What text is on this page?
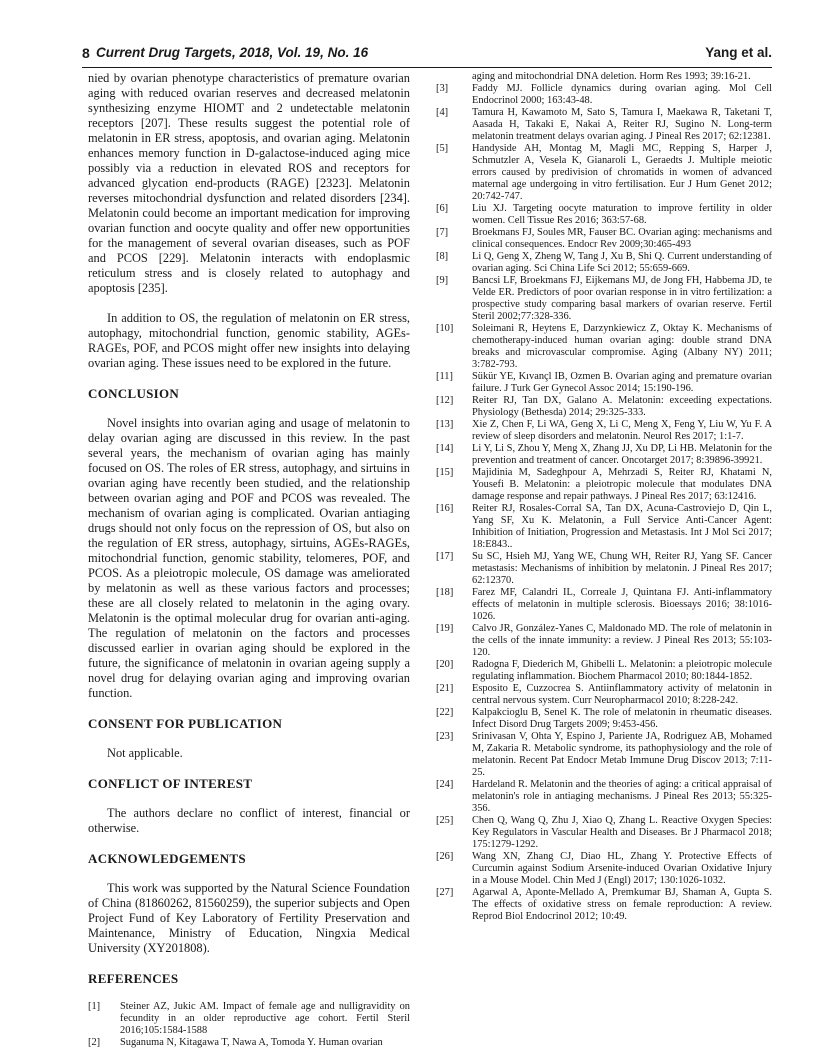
8 Current Drug Targets, 2018, Vol. 19, No. 16	Yang et al.

nied by ovarian phenotype characteristics of premature ovarian aging with reduced ovarian reserves and decreased melatonin synthesizing enzyme HIOMT and 2 undetectable melatonin receptors [207]. These results suggest the potential role of melatonin in ER stress, apoptosis, and ovarian aging. Melatonin enhances memory function in D-galactose-induced aging mice possibly via a reduction in elevated ROS and receptors for advanced glycation end-products (RAGE) [2323]. Melatonin reverses mitochondrial dysfunction and related disorders [234]. Melatonin could become an important medication for improving ovarian function and oocyte quality and offer new opportunities for the management of several ovarian diseases, such as POF and PCOS [229]. Melatonin interacts with endoplasmic reticulum stress and is closely related to autophagy and apoptosis [235].

In addition to OS, the regulation of melatonin on ER stress, autophagy, mitochondrial function, genomic stability, AGEs-RAGEs, POF, and PCOS might offer new insights into delaying ovarian aging. These issues need to be explored in the future.

CONCLUSION

Novel insights into ovarian aging and usage of melatonin to delay ovarian aging are discussed in this review. In the past several years, the mechanism of ovarian aging has mainly focused on OS. The roles of ER stress, autophagy, and sirtuins in ovarian aging have recently been studied, and the relationship between ovarian aging and POF and PCOS was revealed. The mechanism of ovarian aging is complicated. Ovarian antiaging drugs should not only focus on the repression of OS, but also on the regulation of ER stress, autophagy, sirtuins, AGEs-RAGEs, mitochondrial function, genomic stability, telomeres, POF, and PCOS. As a pleiotropic molecule, OS damage was ameliorated by melatonin as well as these various factors and processes; these are all closely related to melatonin in the aging ovary. Melatonin is the optimal molecular drug for ovarian anti-aging. The regulation of melatonin on the factors and processes discussed earlier in ovarian aging should be explored in the future, the significance of melatonin in ovarian ageing supply a novel drug for delaying ovarian aging and improving ovarian function.

CONSENT FOR PUBLICATION

Not applicable.

CONFLICT OF INTEREST

The authors declare no conflict of interest, financial or otherwise.

ACKNOWLEDGEMENTS

This work was supported by the Natural Science Foundation of China (81860262, 81560259), the superior subjects and Open Project Fund of Key Laboratory of Fertility Preservation and Maintenance, Ministry of Education, Ningxia Medical University (XY201808).

REFERENCES

[1]	Steiner AZ, Jukic AM. Impact of female age and nulligravidity on fecundity in an older reproductive age cohort. Fertil Steril 2016;105:1584-1588
[2]	Suganuma N, Kitagawa T, Nawa A, Tomoda Y. Human ovarian
aging and mitochondrial DNA deletion. Horm Res 1993; 39:16-21.
[3]	Faddy MJ. Follicle dynamics during ovarian aging. Mol Cell Endocrinol 2000; 163:43-48.
[4]	Tamura H, Kawamoto M, Sato S, Tamura I, Maekawa R, Taketani T, Aasada H, Takaki E, Nakai A, Reiter RJ, Sugino N. Long-term melatonin treatment delays ovarian aging. J Pineal Res 2017; 62:12381.
[5]	Handyside AH, Montag M, Magli MC, Repping S, Harper J, Schmutzler A, Vesela K, Gianaroli L, Geraedts J. Multiple meiotic errors caused by predivision of chromatids in women of advanced maternal age undergoing in vitro fertilisation. Eur J Hum Genet 2012; 20:742-747.
[6]	Liu XJ. Targeting oocyte maturation to improve fertility in older women. Cell Tissue Res 2016; 363:57-68.
[7]	Broekmans FJ, Soules MR, Fauser BC. Ovarian aging: mechanisms and clinical consequences. Endocr Rev 2009;30:465-493
[8]	Li Q, Geng X, Zheng W, Tang J, Xu B, Shi Q. Current understanding of ovarian aging. Sci China Life Sci 2012; 55:659-669.
[9]	Bancsi LF, Broekmans FJ, Eijkemans MJ, de Jong FH, Habbema JD, te Velde ER. Predictors of poor ovarian response in in vitro fertilization: a prospective study comparing basal markers of ovarian reserve. Fertil Steril 2002;77:328-336.
[10]	Soleimani R, Heytens E, Darzynkiewicz Z, Oktay K. Mechanisms of chemotherapy-induced human ovarian aging: double strand DNA breaks and microvascular compromise. Aging (Albany NY) 2011; 3:782-793.
[11]	Sükür YE, Kıvançl IB, Ozmen B. Ovarian aging and premature ovarian failure. J Turk Ger Gynecol Assoc 2014; 15:190-196.
[12]	Reiter RJ, Tan DX, Galano A. Melatonin: exceeding expectations. Physiology (Bethesda) 2014; 29:325-333.
[13]	Xie Z, Chen F, Li WA, Geng X, Li C, Meng X, Feng Y, Liu W, Yu F. A review of sleep disorders and melatonin. Neurol Res 2017; 1:1-7.
[14]	Li Y, Li S, Zhou Y, Meng X, Zhang JJ, Xu DP, Li HB. Melatonin for the prevention and treatment of cancer. Oncotarget 2017; 8:39896-39921.
[15]	Majidinia M, Sadeghpour A, Mehrzadi S, Reiter RJ, Khatami N, Yousefi B. Melatonin: a pleiotropic molecule that modulates DNA damage response and repair pathways. J Pineal Res 2017; 63:12416.
[16]	Reiter RJ, Rosales-Corral SA, Tan DX, Acuna-Castroviejo D, Qin L, Yang SF, Xu K. Melatonin, a Full Service Anti-Cancer Agent: Inhibition of Initiation, Progression and Metastasis. Int J Mol Sci 2017; 18:E843..
[17]	Su SC, Hsieh MJ, Yang WE, Chung WH, Reiter RJ, Yang SF. Cancer metastasis: Mechanisms of inhibition by melatonin. J Pineal Res 2017; 62:12370.
[18]	Farez MF, Calandri IL, Correale J, Quintana FJ. Anti-inflammatory effects of melatonin in multiple sclerosis. Bioessays 2016; 38:1016-1026.
[19]	Calvo JR, González-Yanes C, Maldonado MD. The role of melatonin in the cells of the innate immunity: a review. J Pineal Res 2013; 55:103-120.
[20]	Radogna F, Diederich M, Ghibelli L. Melatonin: a pleiotropic molecule regulating inflammation. Biochem Pharmacol 2010; 80:1844-1852.
[21]	Esposito E, Cuzzocrea S. Antiinflammatory activity of melatonin in central nervous system. Curr Neuropharmacol 2010; 8:228-242.
[22]	Kalpakcioglu B, Senel K. The role of melatonin in rheumatic diseases. Infect Disord Drug Targets 2009; 9:453-456.
[23]	Srinivasan V, Ohta Y, Espino J, Pariente JA, Rodriguez AB, Mohamed M, Zakaria R. Metabolic syndrome, its pathophysiology and the role of melatonin. Recent Pat Endocr Metab Immune Drug Discov 2013; 7:11-25.
[24]	Hardeland R. Melatonin and the theories of aging: a critical appraisal of melatonin's role in antiaging mechanisms. J Pineal Res 2013; 55:325-356.
[25]	Chen Q, Wang Q, Zhu J, Xiao Q, Zhang L. Reactive Oxygen Species: Key Regulators in Vascular Health and Diseases. Br J Pharmacol 2018; 175:1279-1292.
[26]	Wang XN, Zhang CJ, Diao HL, Zhang Y. Protective Effects of Curcumin against Sodium Arsenite-induced Ovarian Oxidative Injury in a Mouse Model. Chin Med J (Engl) 2017; 130:1026-1032.
[27]	Agarwal A, Aponte-Mellado A, Premkumar BJ, Shaman A, Gupta S. The effects of oxidative stress on female reproduction: A review. Reprod Biol Endocrinol 2012; 10:49.
